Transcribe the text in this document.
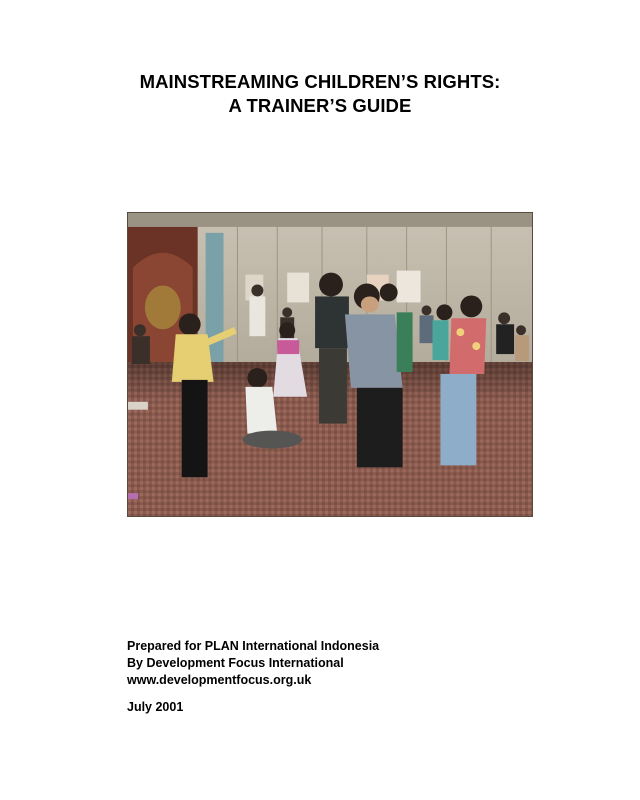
MAINSTREAMING CHILDREN’S RIGHTS:
A TRAINER’S GUIDE
Prepared for PLAN International Indonesia
By Development Focus International
www.developmentfocus.org.uk
July 2001
